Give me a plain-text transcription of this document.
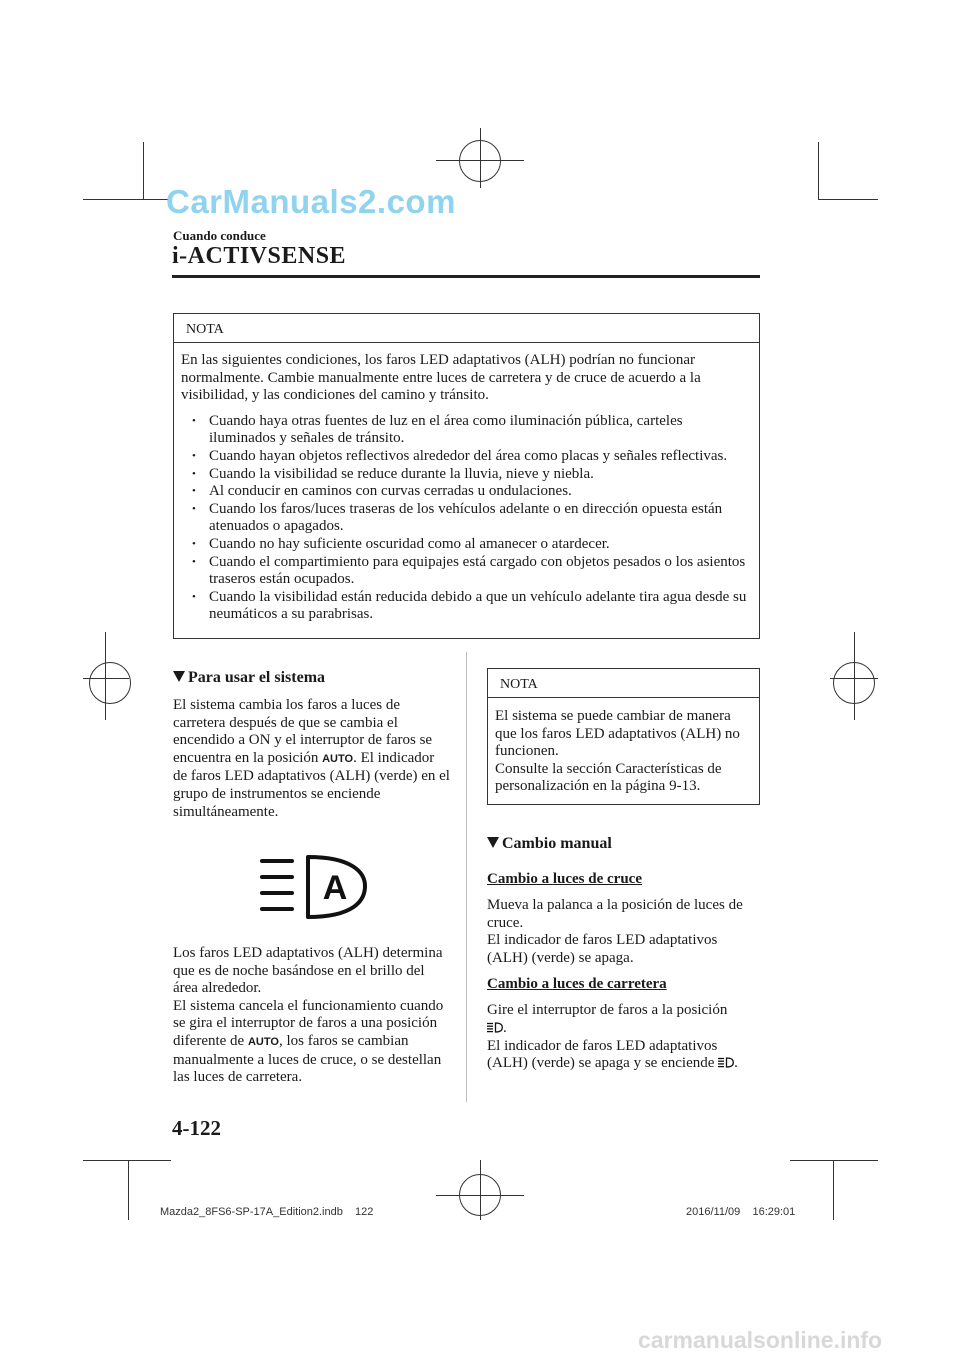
CarManuals2.com
Cuando conduce
i-ACTIVSENSE
NOTA
En las siguientes condiciones, los faros LED adaptativos (ALH) podrían no funcionar normalmente. Cambie manualmente entre luces de carretera y de cruce de acuerdo a la visibilidad, y las condiciones del camino y tránsito.
• Cuando haya otras fuentes de luz en el área como iluminación pública, carteles iluminados y señales de tránsito.
• Cuando hayan objetos reflectivos alrededor del área como placas y señales reflectivas.
• Cuando la visibilidad se reduce durante la lluvia, nieve y niebla.
• Al conducir en caminos con curvas cerradas u ondulaciones.
• Cuando los faros/luces traseras de los vehículos adelante o en dirección opuesta están atenuados o apagados.
• Cuando no hay suficiente oscuridad como al amanecer o atardecer.
• Cuando el compartimiento para equipajes está cargado con objetos pesados o los asientos traseros están ocupados.
• Cuando la visibilidad están reducida debido a que un vehículo adelante tira agua desde su neumáticos a su parabrisas.
Para usar el sistema
El sistema cambia los faros a luces de carretera después de que se cambia el encendido a ON y el interruptor de faros se encuentra en la posición AUTO. El indicador de faros LED adaptativos (ALH) (verde) en el grupo de instrumentos se enciende simultáneamente.
A
Los faros LED adaptativos (ALH) determina que es de noche basándose en el brillo del área alrededor.
El sistema cancela el funcionamiento cuando se gira el interruptor de faros a una posición diferente de AUTO, los faros se cambian manualmente a luces de cruce, o se destellan las luces de carretera.
NOTA
El sistema se puede cambiar de manera que los faros LED adaptativos (ALH) no funcionen.
Consulte la sección Características de personalización en la página 9-13.
Cambio manual
Cambio a luces de cruce
Mueva la palanca a la posición de luces de cruce.
El indicador de faros LED adaptativos (ALH) (verde) se apaga.
Cambio a luces de carretera
Gire el interruptor de faros a la posición
.
El indicador de faros LED adaptativos (ALH) (verde) se apaga y se enciende .
4-122
Mazda2_8FS6-SP-17A_Edition2.indb    122	2016/11/09    16:29:01
carmanualsonline.info
